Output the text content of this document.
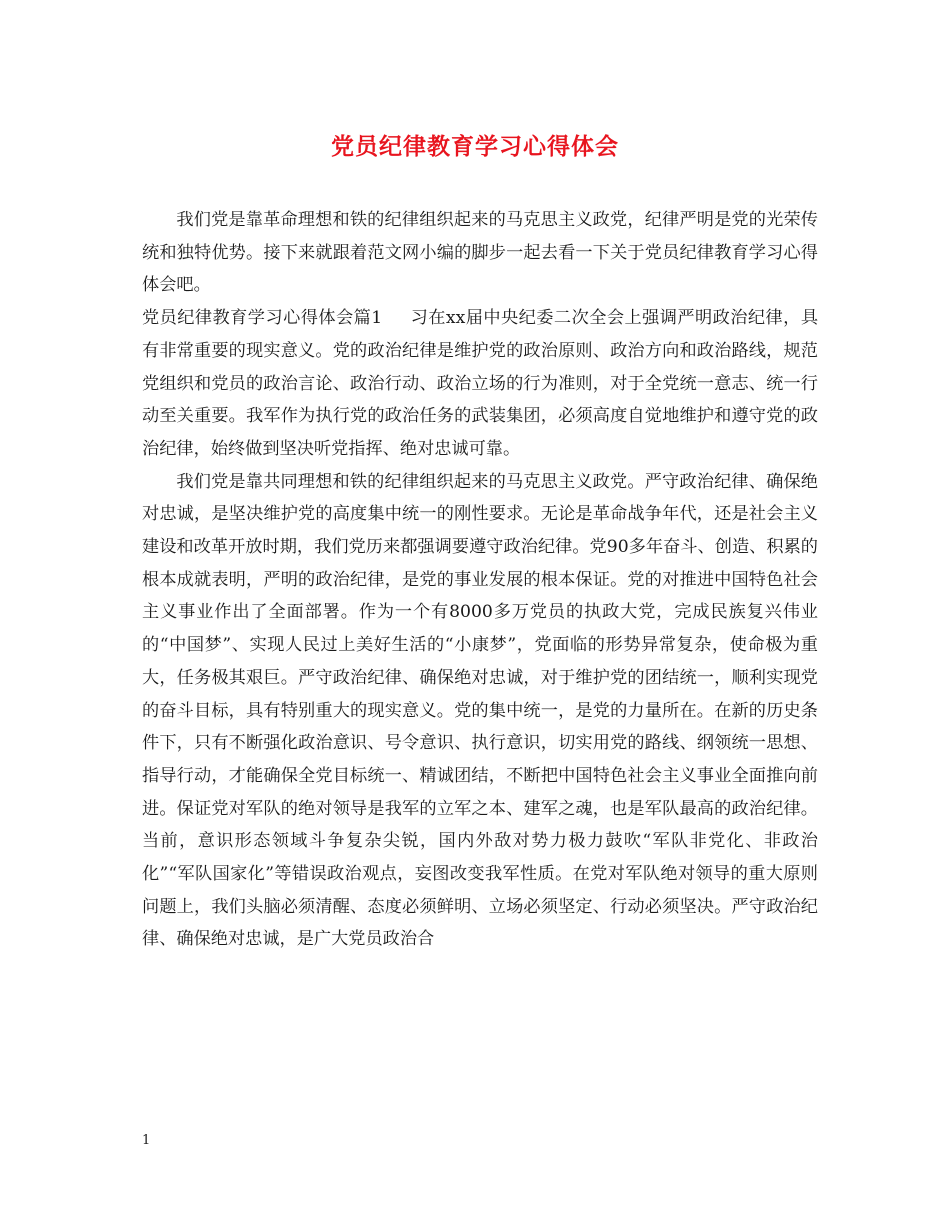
党员纪律教育学习心得体会

我们党是靠革命理想和铁的纪律组织起来的马克思主义政党，纪律严明是党的光荣传统和独特优势。接下来就跟着范文网小编的脚步一起去看一下关于党员纪律教育学习心得体会吧。

党员纪律教育学习心得体会篇1 习在xx届中央纪委二次全会上强调严明政治纪律，具有非常重要的现实意义。党的政治纪律是维护党的政治原则、政治方向和政治路线，规范党组织和党员的政治言论、政治行动、政治立场的行为准则，对于全党统一意志、统一行动至关重要。我军作为执行党的政治任务的武装集团，必须高度自觉地维护和遵守党的政治纪律，始终做到坚决听党指挥、绝对忠诚可靠。

我们党是靠共同理想和铁的纪律组织起来的马克思主义政党。严守政治纪律、确保绝对忠诚，是坚决维护党的高度集中统一的刚性要求。无论是革命战争年代，还是社会主义建设和改革开放时期，我们党历来都强调要遵守政治纪律。党90多年奋斗、创造、积累的根本成就表明，严明的政治纪律，是党的事业发展的根本保证。党的对推进中国特色社会主义事业作出了全面部署。作为一个有8000多万党员的执政大党，完成民族复兴伟业的“中国梦”、实现人民过上美好生活的“小康梦”，党面临的形势异常复杂，使命极为重大，任务极其艰巨。严守政治纪律、确保绝对忠诚，对于维护党的团结统一，顺利实现党的奋斗目标，具有特别重大的现实意义。党的集中统一，是党的力量所在。在新的历史条件下，只有不断强化政治意识、号令意识、执行意识，切实用党的路线、纲领统一思想、指导行动，才能确保全党目标统一、精诚团结，不断把中国特色社会主义事业全面推向前进。保证党对军队的绝对领导是我军的立军之本、建军之魂，也是军队最高的政治纪律。当前，意识形态领域斗争复杂尖锐，国内外敌对势力极力鼓吹“军队非党化、非政治化”“军队国家化”等错误政治观点，妄图改变我军性质。在党对军队绝对领导的重大原则问题上，我们头脑必须清醒、态度必须鲜明、立场必须坚定、行动必须坚决。严守政治纪律、确保绝对忠诚，是广大党员政治合

1
